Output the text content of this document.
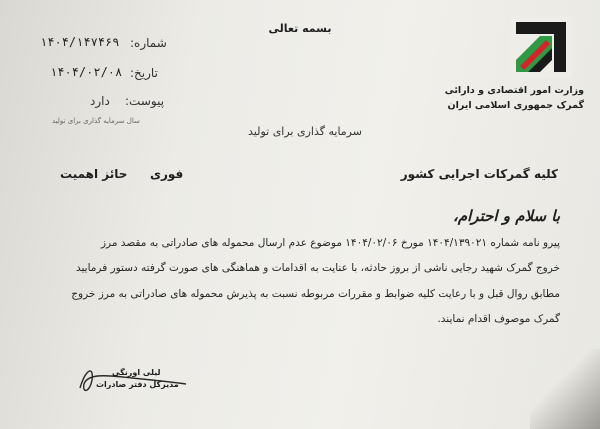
بسمه تعالی
شماره:
۱۴۰۴/۱۴۷۴۶۹
تاریخ:
۱۴۰۴/۰۲/۰۸
پیوست:
دارد
سال سرمایه گذاری برای تولید
وزارت امور اقتصادی و دارائی
گمرک جمهوری اسلامی ایران
سرمایه گذاری برای تولید
کلیه گمرکات اجرایی کشور
فوری
حائز اهمیت
با سلام و احترام،
پیرو نامه شماره ۱۴۰۴/۱۳۹۰۲۱ مورخ ۱۴۰۴/۰۲/۰۶ موضوع عدم ارسال محموله های صادراتی به مقصد مرز
خروج گمرک شهید رجایی ناشی از بروز حادثه، با عنایت به اقدامات و هماهنگی های صورت گرفته دستور فرمایید
مطابق روال قبل و با رعایت کلیه ضوابط و مقررات مربوطه نسبت به پذیرش محموله های صادراتی به مرز خروج
گمرک موصوف اقدام نمایند.
لیلی اورنگی
مدیرکل دفتر صادرات
